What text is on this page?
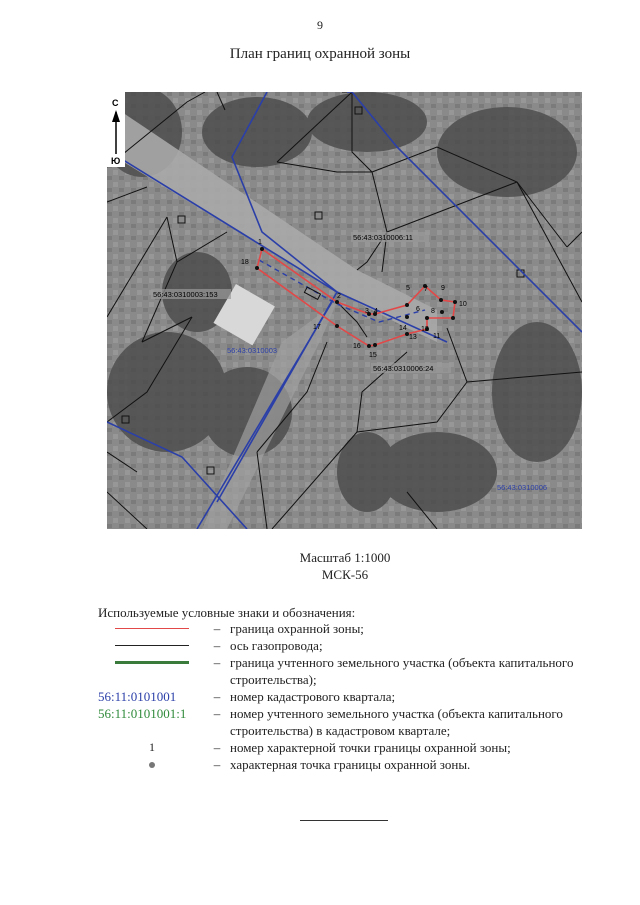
9
План границ охранной зоны
1
2
3 4
5
6
7
8
9
10
11
12
13
14
15
16
17
18
56:43:0310006:11
56:43:0310003:153
56:43:0310003
56:43:0310006:24
56:43:0310006
С
Ю
Масштаб 1:1000
МСК-56
Используемые условные знаки и обозначения:
– граница охранной зоны;
– ось газопровода;
– граница учтенного земельного участка (объекта капитального строительства);
56:11:0101001	– номер кадастрового квартала;
56:11:0101001:1	– номер учтенного земельного участка (объекта капитального строительства) в кадастровом квартале;
1	– номер характерной точки границы охранной зоны;
– характерная точка границы охранной зоны.
